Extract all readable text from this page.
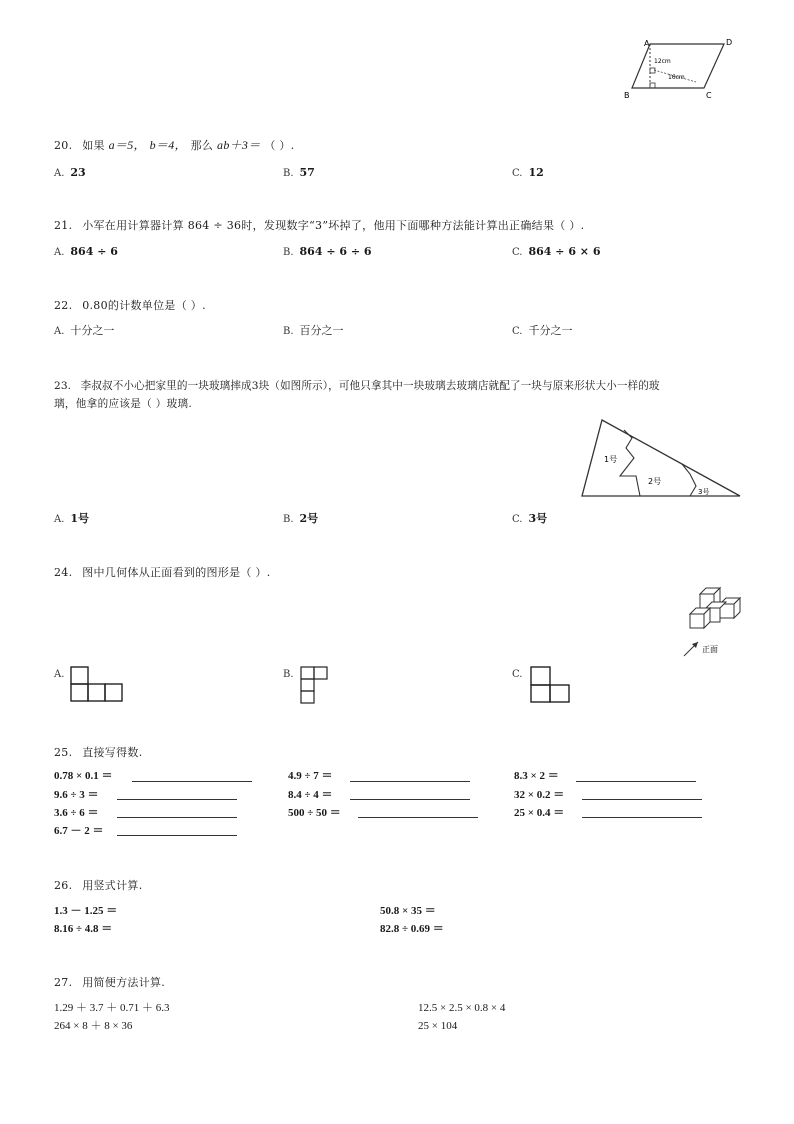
A	D
B	C
12cm
16cm
20. 如果 a＝5， b＝4， 那么 ab＋3＝ （ ）.
A. 23	B. 57	C. 12
21. 小军在用计算器计算 864 ÷ 36时，发现数字“3”坏掉了，他用下面哪种方法能计算出正确结果（ ）.
A. 864 ÷ 6	B. 864 ÷ 6 ÷ 6	C. 864 ÷ 6 × 6
22. 0.80的计数单位是（ ）.
A. 十分之一	B. 百分之一	C. 千分之一
23. 李叔叔不小心把家里的一块玻璃摔成3块（如图所示），可他只拿其中一块玻璃去玻璃店就配了一块与原来形状大小一样的玻
璃，他拿的应该是（ ）玻璃.
1号
2号
3号
A. 1号	B. 2号	C. 3号
24. 图中几何体从正面看到的图形是（ ）.
正面
A.	B.	C.
25. 直接写得数.
0.78 × 0.1 ＝	4.9 ÷ 7 ＝	8.3 × 2 ＝
9.6 ÷ 3 ＝	8.4 ÷ 4 ＝	32 × 0.2 ＝
3.6 ÷ 6 ＝	500 ÷ 50 ＝	25 × 0.4 ＝
6.7 － 2 ＝
26. 用竖式计算.
1.3 － 1.25 ＝	50.8 × 35 ＝
8.16 ÷ 4.8 ＝	82.8 ÷ 0.69 ＝
27. 用简便方法计算.
1.29 ＋ 3.7 ＋ 0.71 ＋ 6.3	12.5 × 2.5 × 0.8 × 4
264 × 8 ＋ 8 × 36	25 × 104
